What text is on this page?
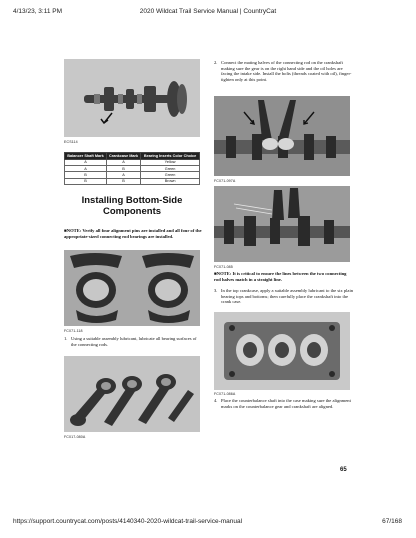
4/13/23, 3:11 PM	2020 Wildcat Trail Service Manual | CountryCat
ECS114
Balancer Shaft Mark	Crankcase Mark	Bearing Inserts Color Choice
A	A	Yellow
A	B	Green
B	A	Green
B	B	Brown
Installing Bottom-Side
Components
■NOTE: Verify all four alignment pins are installed and all four of the appropriate-sized connecting rod bearings are installed.
FC071-118
1. Using a suitable assembly lubricant, lubricate all bearing surfaces of the connecting rods.
FC017-080A
2. Connect the mating halves of the connecting rod on the crankshaft making sure the gear is on the right hand side and the oil holes are facing the intake side. Install the bolts (threads coated with oil), finger-tighten only at this point.
FC071-097A
FC071-085
■NOTE: It is critical to ensure the lines between the two connecting rod halves match in a straight line.
3. In the top crankcase, apply a suitable assembly lubricant to the six plain bearing tops and bottoms; then carefully place the crankshaft into the crank case.
FC071-086A
4. Place the counterbalance shaft into the case making sure the alignment marks on the counterbalance gear and crankshaft are aligned.
65
https://support.countrycat.com/posts/4140340-2020-wildcat-trail-service-manual	67/168
